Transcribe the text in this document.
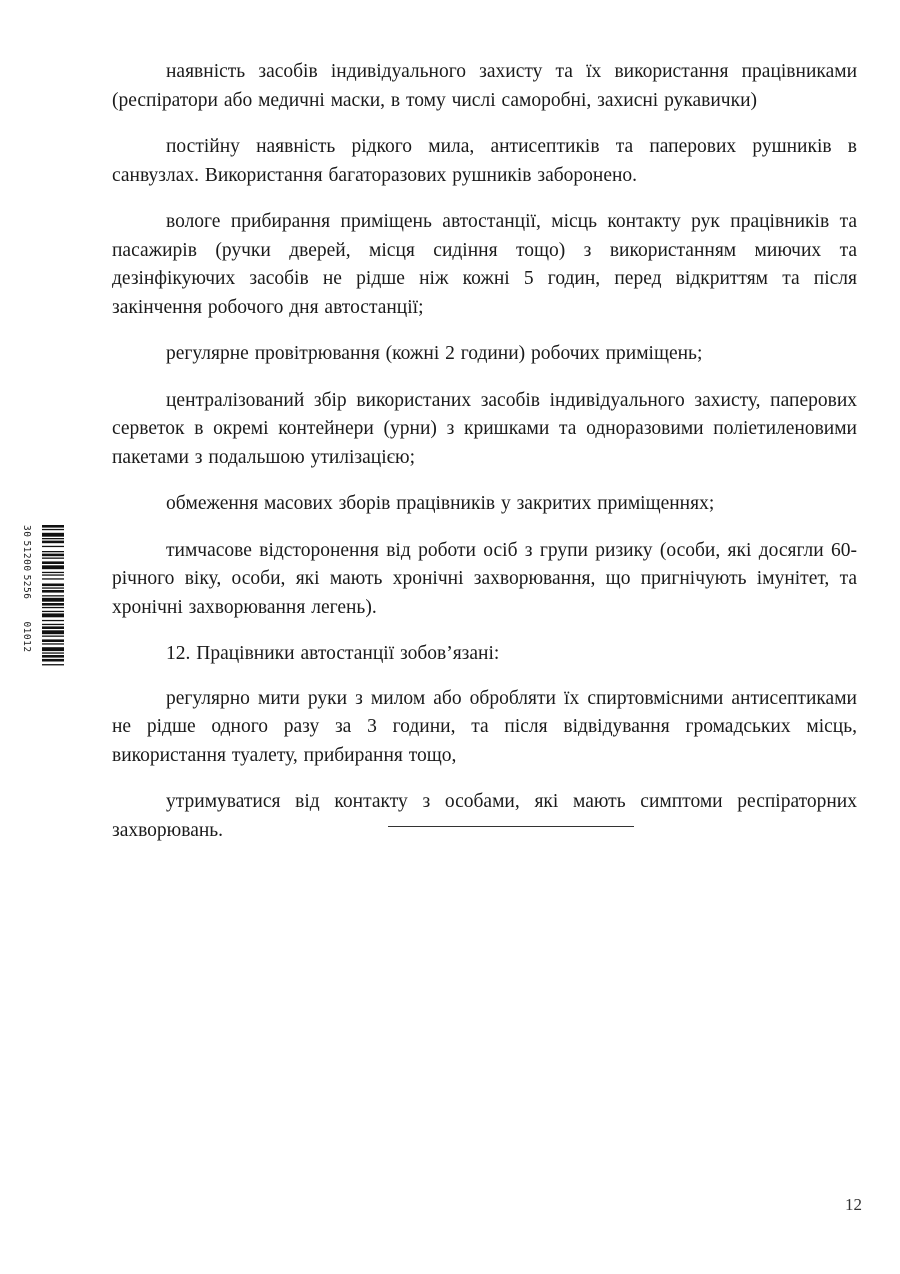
наявність засобів індивідуального захисту та їх використання працівниками (респіратори або медичні маски, в тому числі саморобні, захисні рукавички)

постійну наявність рідкого мила, антисептиків та паперових рушників в санвузлах. Використання багаторазових рушників заборонено.

вологе прибирання приміщень автостанції, місць контакту рук працівників та пасажирів (ручки дверей, місця сидіння тощо) з використанням миючих та дезінфікуючих засобів не рідше ніж кожні 5 годин, перед відкриттям та після закінчення робочого дня автостанції;

регулярне провітрювання (кожні 2 години) робочих приміщень;

централізований збір використаних засобів індивідуального захисту, паперових серветок в окремі контейнери (урни) з кришками та одноразовими поліетиленовими пакетами з подальшою утилізацією;

обмеження масових зборів працівників у закритих приміщеннях;

тимчасове відсторонення від роботи осіб з групи ризику (особи, які досягли 60-річного віку, особи, які мають хронічні захворювання, що пригнічують імунітет, та хронічні захворювання легень).

12. Працівники автостанції зобов’язані:

регулярно мити руки з милом або обробляти їх спиртовмісними антисептиками не рідше одного разу за 3 години, та після відвідування громадських місць, використання туалету, прибирання тощо,

утримуватися від контакту з особами, які мають симптоми респіраторних захворювань.

12
3051200525601012
